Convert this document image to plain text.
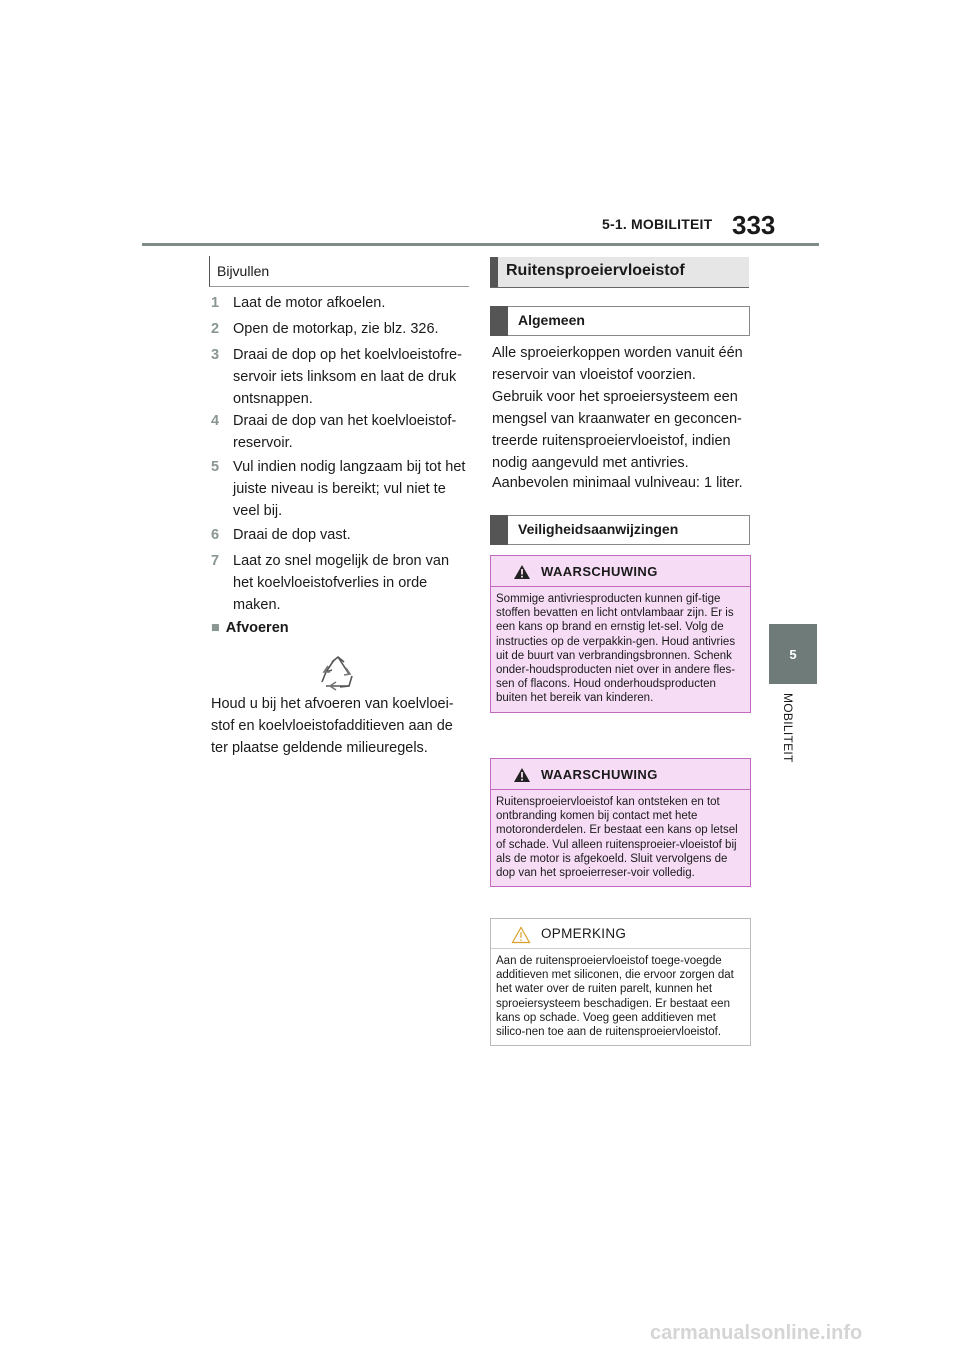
5-1. MOBILITEIT 333
5
MOBILITEIT
Bijvullen
1 Laat de motor afkoelen.
2 Open de motorkap, zie blz. 326.
3 Draai de dop op het koelvloeistofre-servoir iets linksom en laat de druk ontsnappen.
4 Draai de dop van het koelvloeistof-reservoir.
5 Vul indien nodig langzaam bij tot het juiste niveau is bereikt; vul niet te veel bij.
6 Draai de dop vast.
7 Laat zo snel mogelijk de bron van het koelvloeistofverlies in orde maken.
■ Afvoeren
Houd u bij het afvoeren van koelvloei-stof en koelvloeistofadditieven aan de ter plaatse geldende milieuregels.
Ruitensproeiervloeistof
Algemeen
Alle sproeierkoppen worden vanuit één reservoir van vloeistof voorzien.
Gebruik voor het sproeiersysteem een mengsel van kraanwater en geconcen-treerde ruitensproeiervloeistof, indien nodig aangevuld met antivries.
Aanbevolen minimaal vulniveau: 1 liter.
Veiligheidsaanwijzingen
WAARSCHUWING
Sommige antivriesproducten kunnen gif-tige stoffen bevatten en licht ontvlambaar zijn. Er is een kans op brand en ernstig let-sel. Volg de instructies op de verpakkin-gen. Houd antivries uit de buurt van verbrandingsbronnen. Schenk onder-houdsproducten niet over in andere fles-sen of flacons. Houd onderhoudsproducten buiten het bereik van kinderen.
WAARSCHUWING
Ruitensproeiervloeistof kan ontsteken en tot ontbranding komen bij contact met hete motoronderdelen. Er bestaat een kans op letsel of schade. Vul alleen ruitensproeier-vloeistof bij als de motor is afgekoeld. Sluit vervolgens de dop van het sproeierreser-voir volledig.
OPMERKING
Aan de ruitensproeiervloeistof toege-voegde additieven met siliconen, die ervoor zorgen dat het water over de ruiten parelt, kunnen het sproeiersysteem beschadigen. Er bestaat een kans op schade. Voeg geen additieven met silico-nen toe aan de ruitensproeiervloeistof.
carmanualsonline.info
